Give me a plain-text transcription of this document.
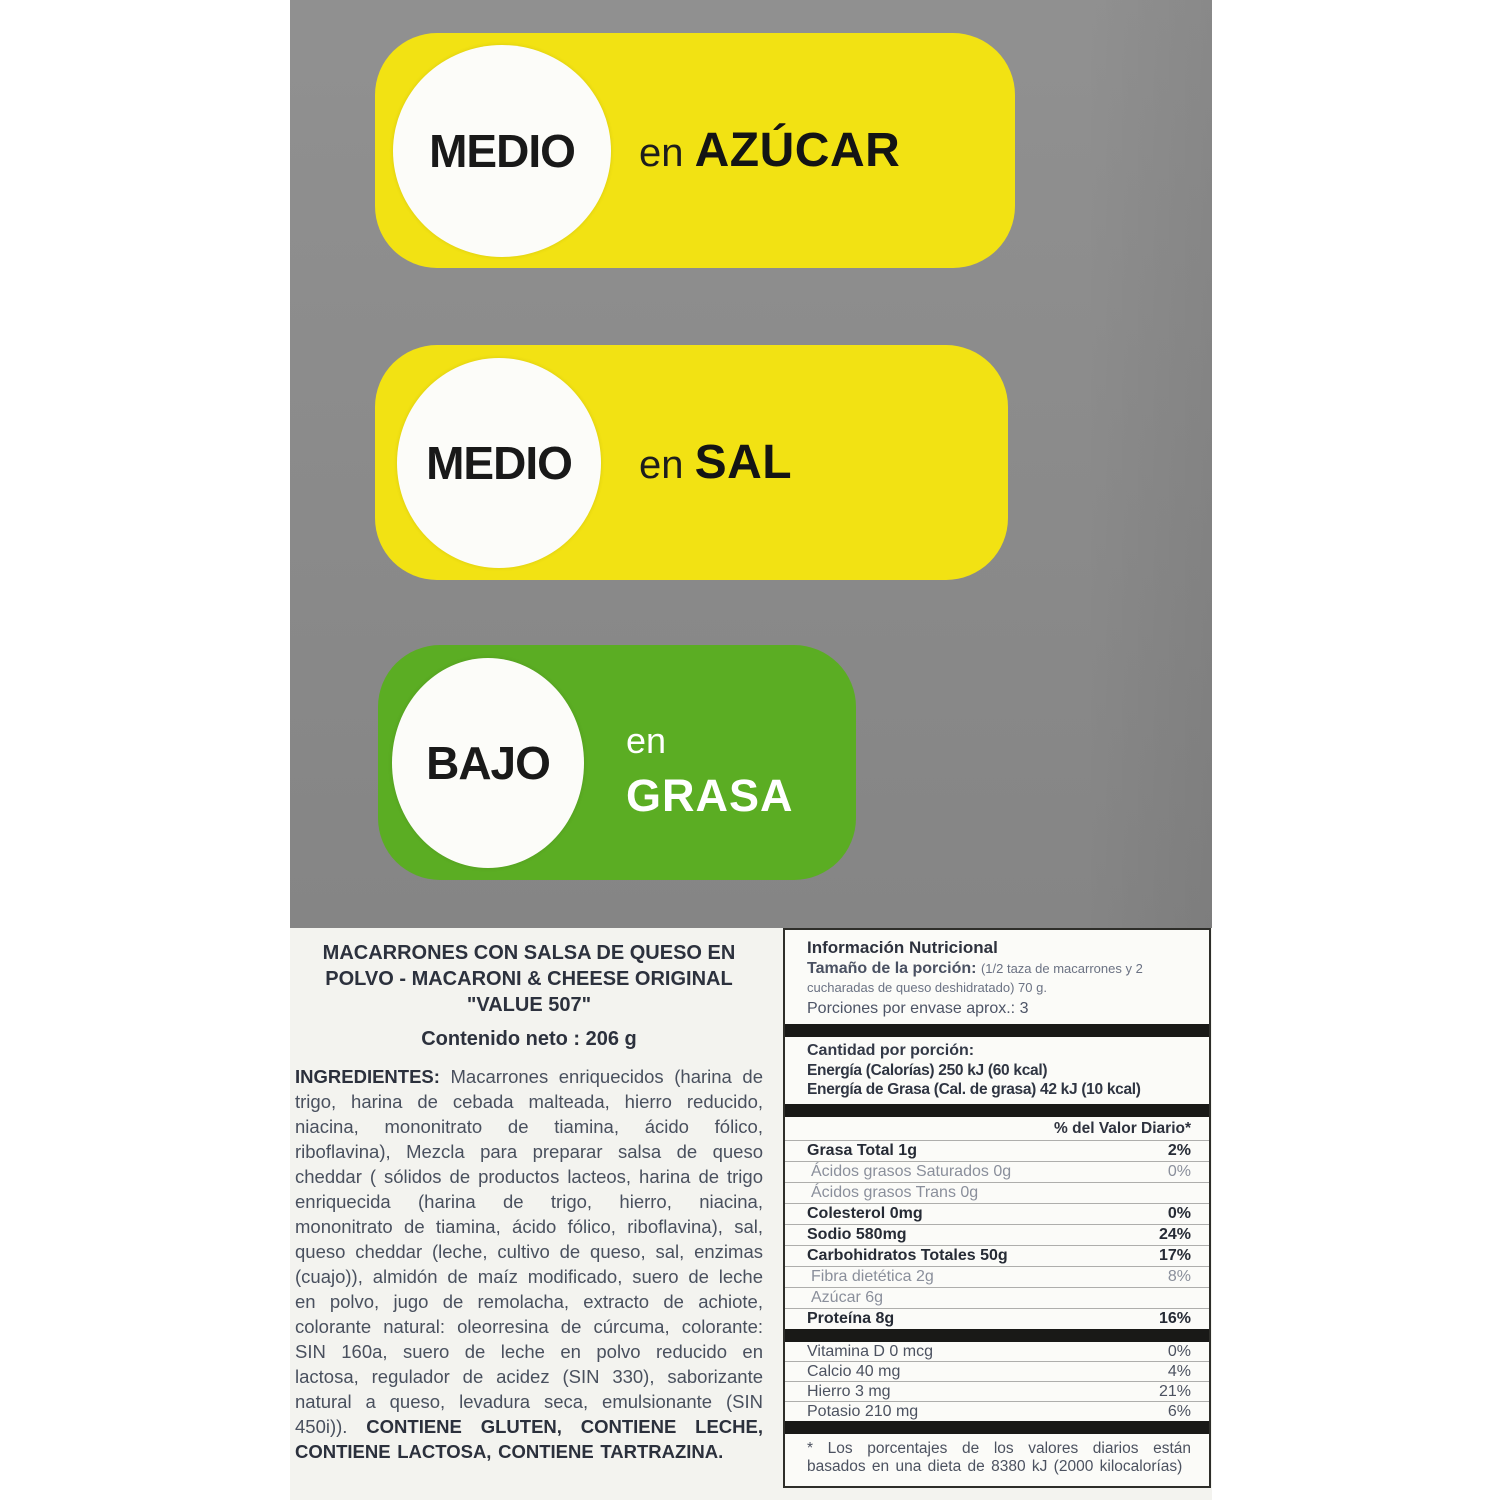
MEDIO en AZÚCAR
MEDIO en SAL
BAJO en
GRASA
MACARRONES CON SALSA DE QUESO EN POLVO - MACARONI & CHEESE ORIGINAL "VALUE 507"
Contenido neto : 206 g

INGREDIENTES: Macarrones enriquecidos (harina de trigo, harina de cebada malteada, hierro reducido, niacina, mononitrato de tiamina, ácido fólico, riboflavina), Mezcla para preparar salsa de queso cheddar ( sólidos de productos lacteos, harina de trigo enriquecida (harina de trigo, hierro, niacina, mononitrato de tiamina, ácido fólico, riboflavina), sal, queso cheddar (leche, cultivo de queso, sal, enzimas (cuajo)), almidón de maíz modificado, suero de leche en polvo, jugo de remolacha, extracto de achiote, colorante natural: oleorresina de cúrcuma, colorante: SIN 160a, suero de leche en polvo reducido en lactosa, regulador de acidez (SIN 330), saborizante natural a queso, levadura seca, emulsionante (SIN 450i)). CONTIENE GLUTEN, CONTIENE LECHE, CONTIENE LACTOSA, CONTIENE TARTRAZINA.

Información Nutricional
Tamaño de la porción: (1/2 taza de macarrones y 2 cucharadas de queso deshidratado) 70 g.
Porciones por envase aprox.: 3
Cantidad por porción:
Energía (Calorías) 250 kJ (60 kcal)
Energía de Grasa (Cal. de grasa) 42 kJ (10 kcal)
% del Valor Diario*
Grasa Total 1g	2%
Ácidos grasos Saturados 0g	0%
Ácidos grasos Trans 0g
Colesterol 0mg	0%
Sodio 580mg	24%
Carbohidratos Totales 50g	17%
Fibra dietética 2g	8%
Azúcar 6g
Proteína 8g	16%
Vitamina D 0 mcg	0%
Calcio 40 mg	4%
Hierro 3 mg	21%
Potasio 210 mg	6%
* Los porcentajes de los valores diarios están basados en una dieta de 8380 kJ (2000 kilocalorías)
